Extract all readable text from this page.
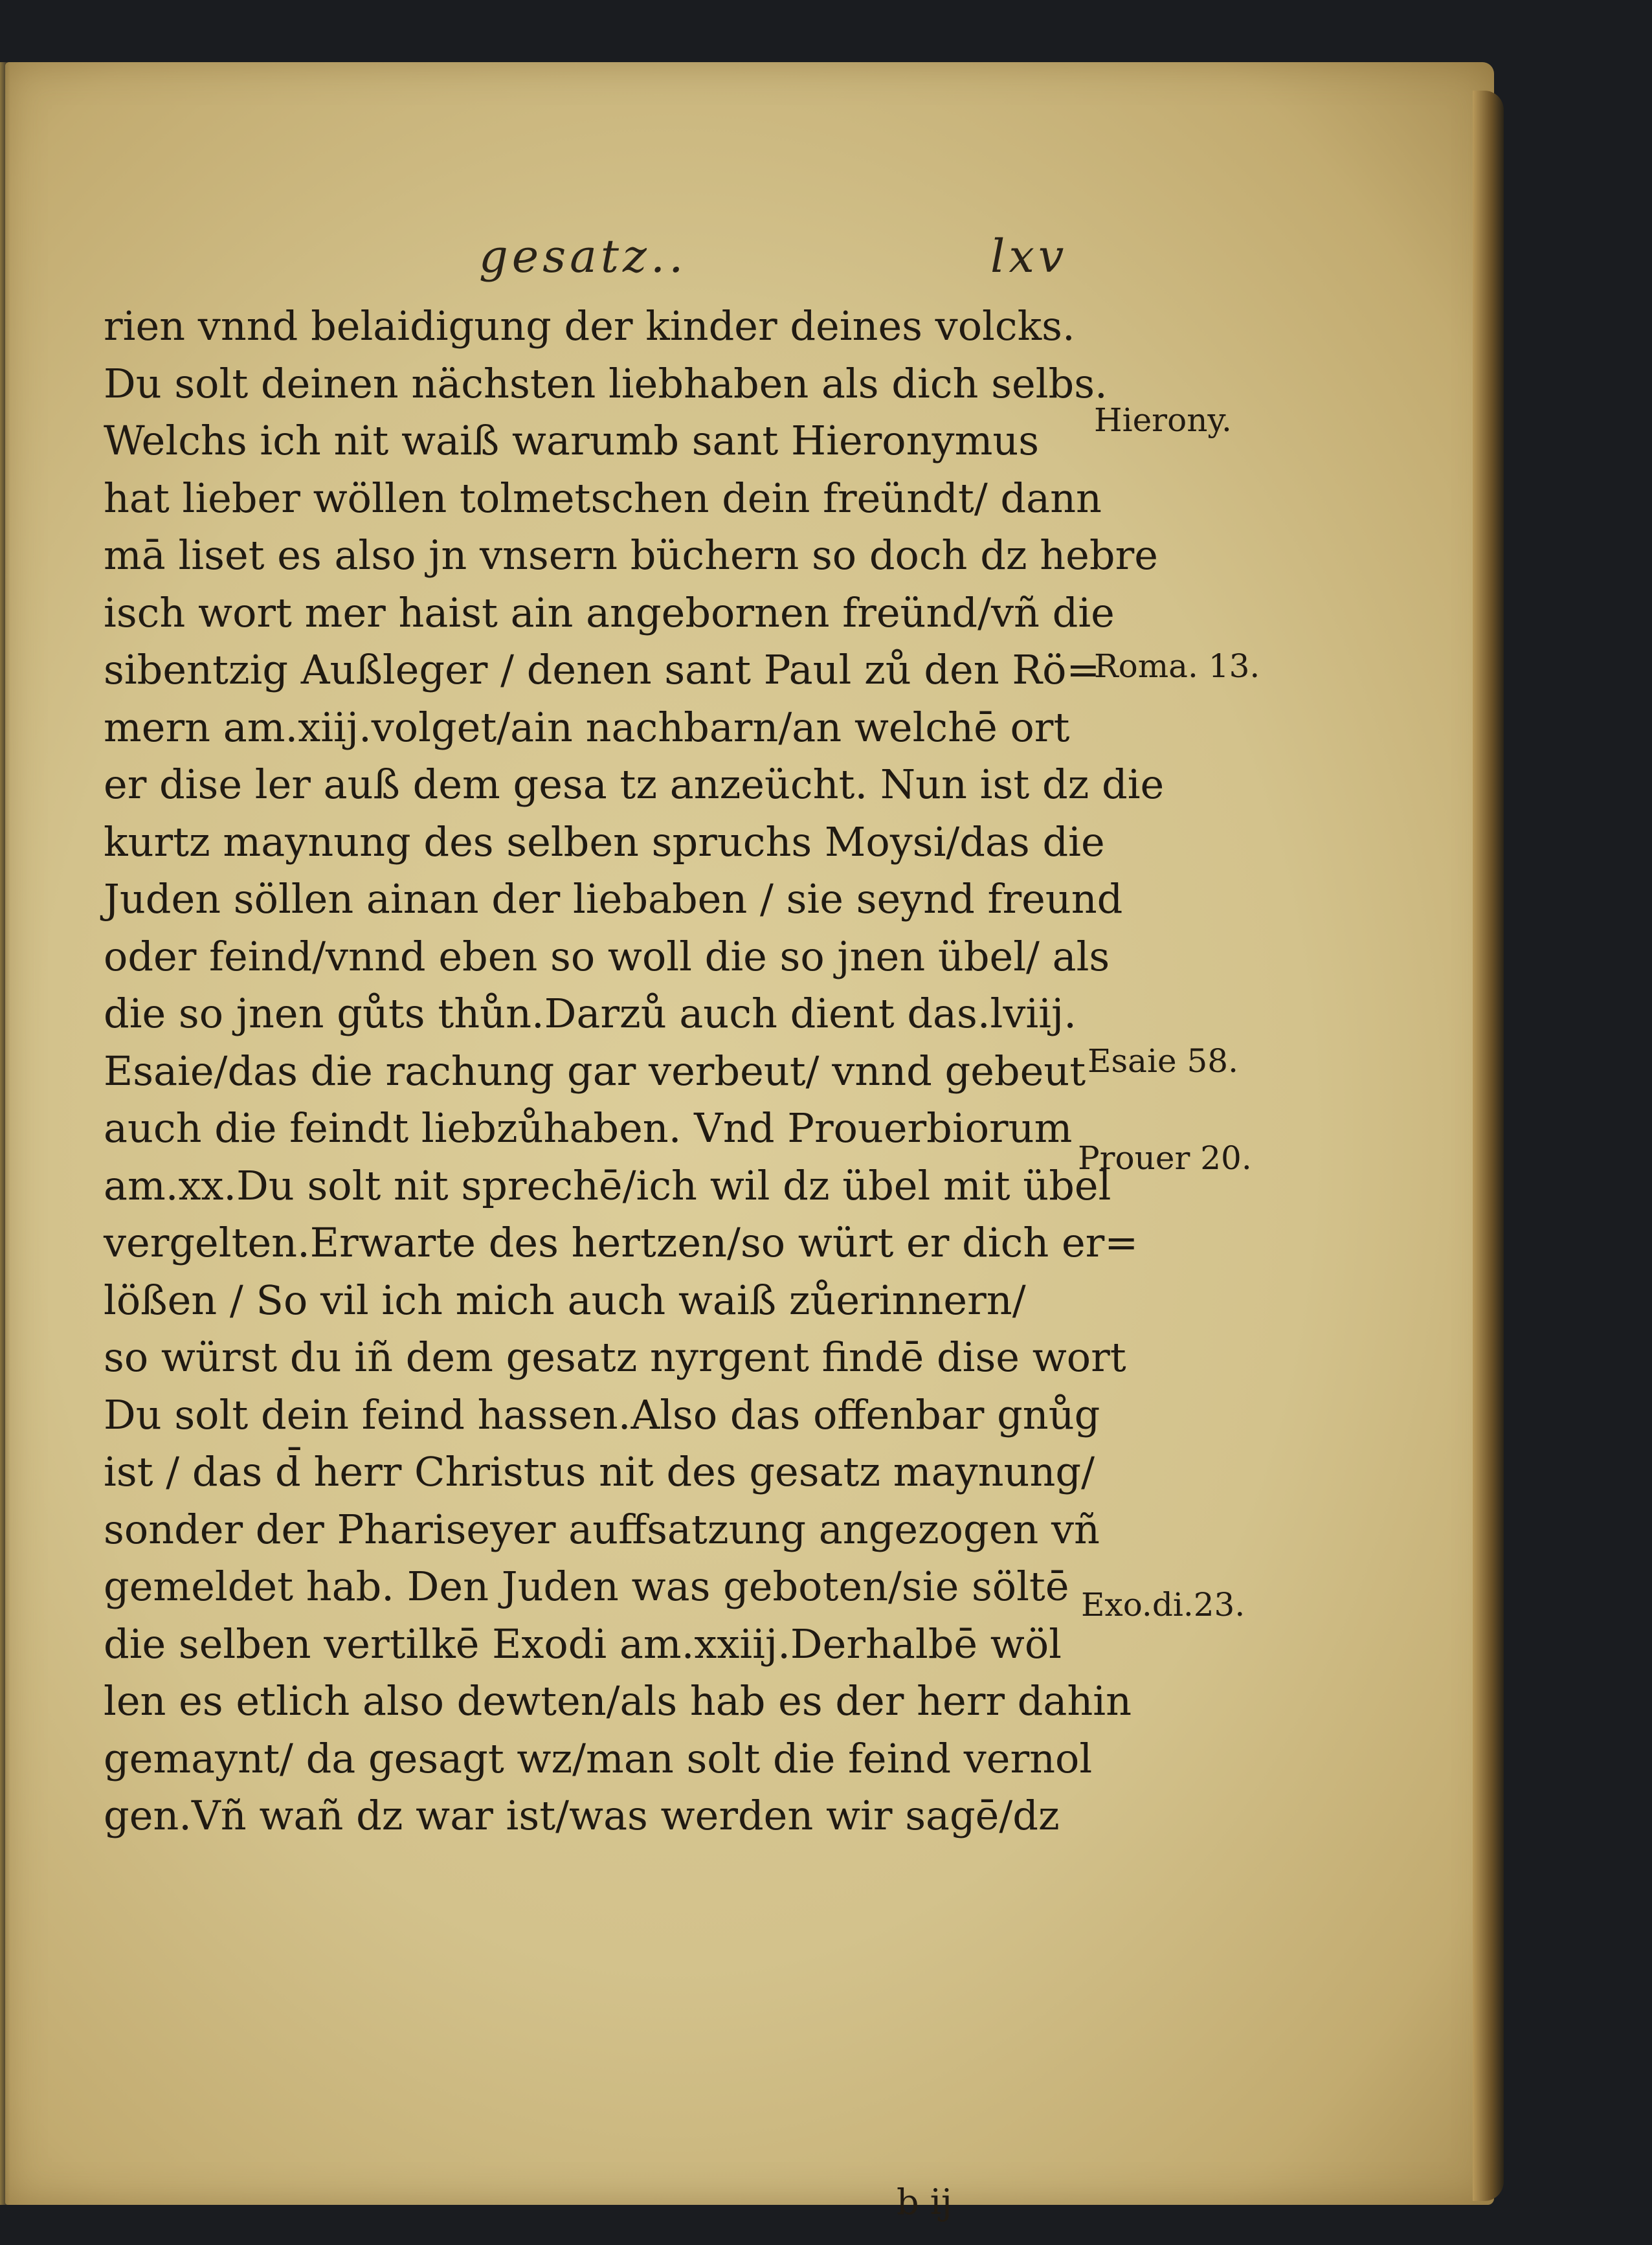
gesatz..	lxv
rien vnnd belaidigung der kinder deines volcks.
Du solt deinen nächsten liebhaben als dich selbs.
Welchs ich nit waiß warumb sant Hieronymus
hat lieber wöllen tolmetschen dein freündt/ dann
mā liset es also jn vnsern büchern so doch dz hebre
isch wort mer haist ain angebornen freünd/vñ die
sibentzig Außleger / denen sant Paul zů den Rö=
mern am.xiij.volget/ain nachbarn/an welchē ort
er dise ler auß dem gesa tz anzeücht. Nun ist dz die
kurtz maynung des selben spruchs Moysi/das die
Juden söllen ainan der liebaben / sie seynd freund
oder feind/vnnd eben so woll die so jnen übel/ als
die so jnen gůts thůn.Darzů auch dient das.lviij.
Esaie/das die rachung gar verbeut/ vnnd gebeut
auch die feindt liebzůhaben. Vnd Prouerbiorum
am.xx.Du solt nit sprechē/ich wil dz übel mit übel
vergelten.Erwarte des hertzen/so würt er dich er=
lößen / So vil ich mich auch waiß zůerinnern/
so würst du iñ dem gesatz nyrgent findē dise wort
Du solt dein feind hassen.Also das offenbar gnůg
ist / das d̄ herr Christus nit des gesatz maynung/
sonder der Phariseyer auffsatzung angezogen vñ
gemeldet hab. Den Juden was geboten/sie söltē
die selben vertilkē Exodi am.xxiij.Derhalbē wöl
len es etlich also dewten/als hab es der herr dahin
gemaynt/ da gesagt wz/man solt die feind vernol
gen.Vñ wañ dz war ist/was werden wir sagē/dz
Hierony.
Roma. 13.
Esaie 58.
Prouer 20.
Exo.di.23.
b ij
